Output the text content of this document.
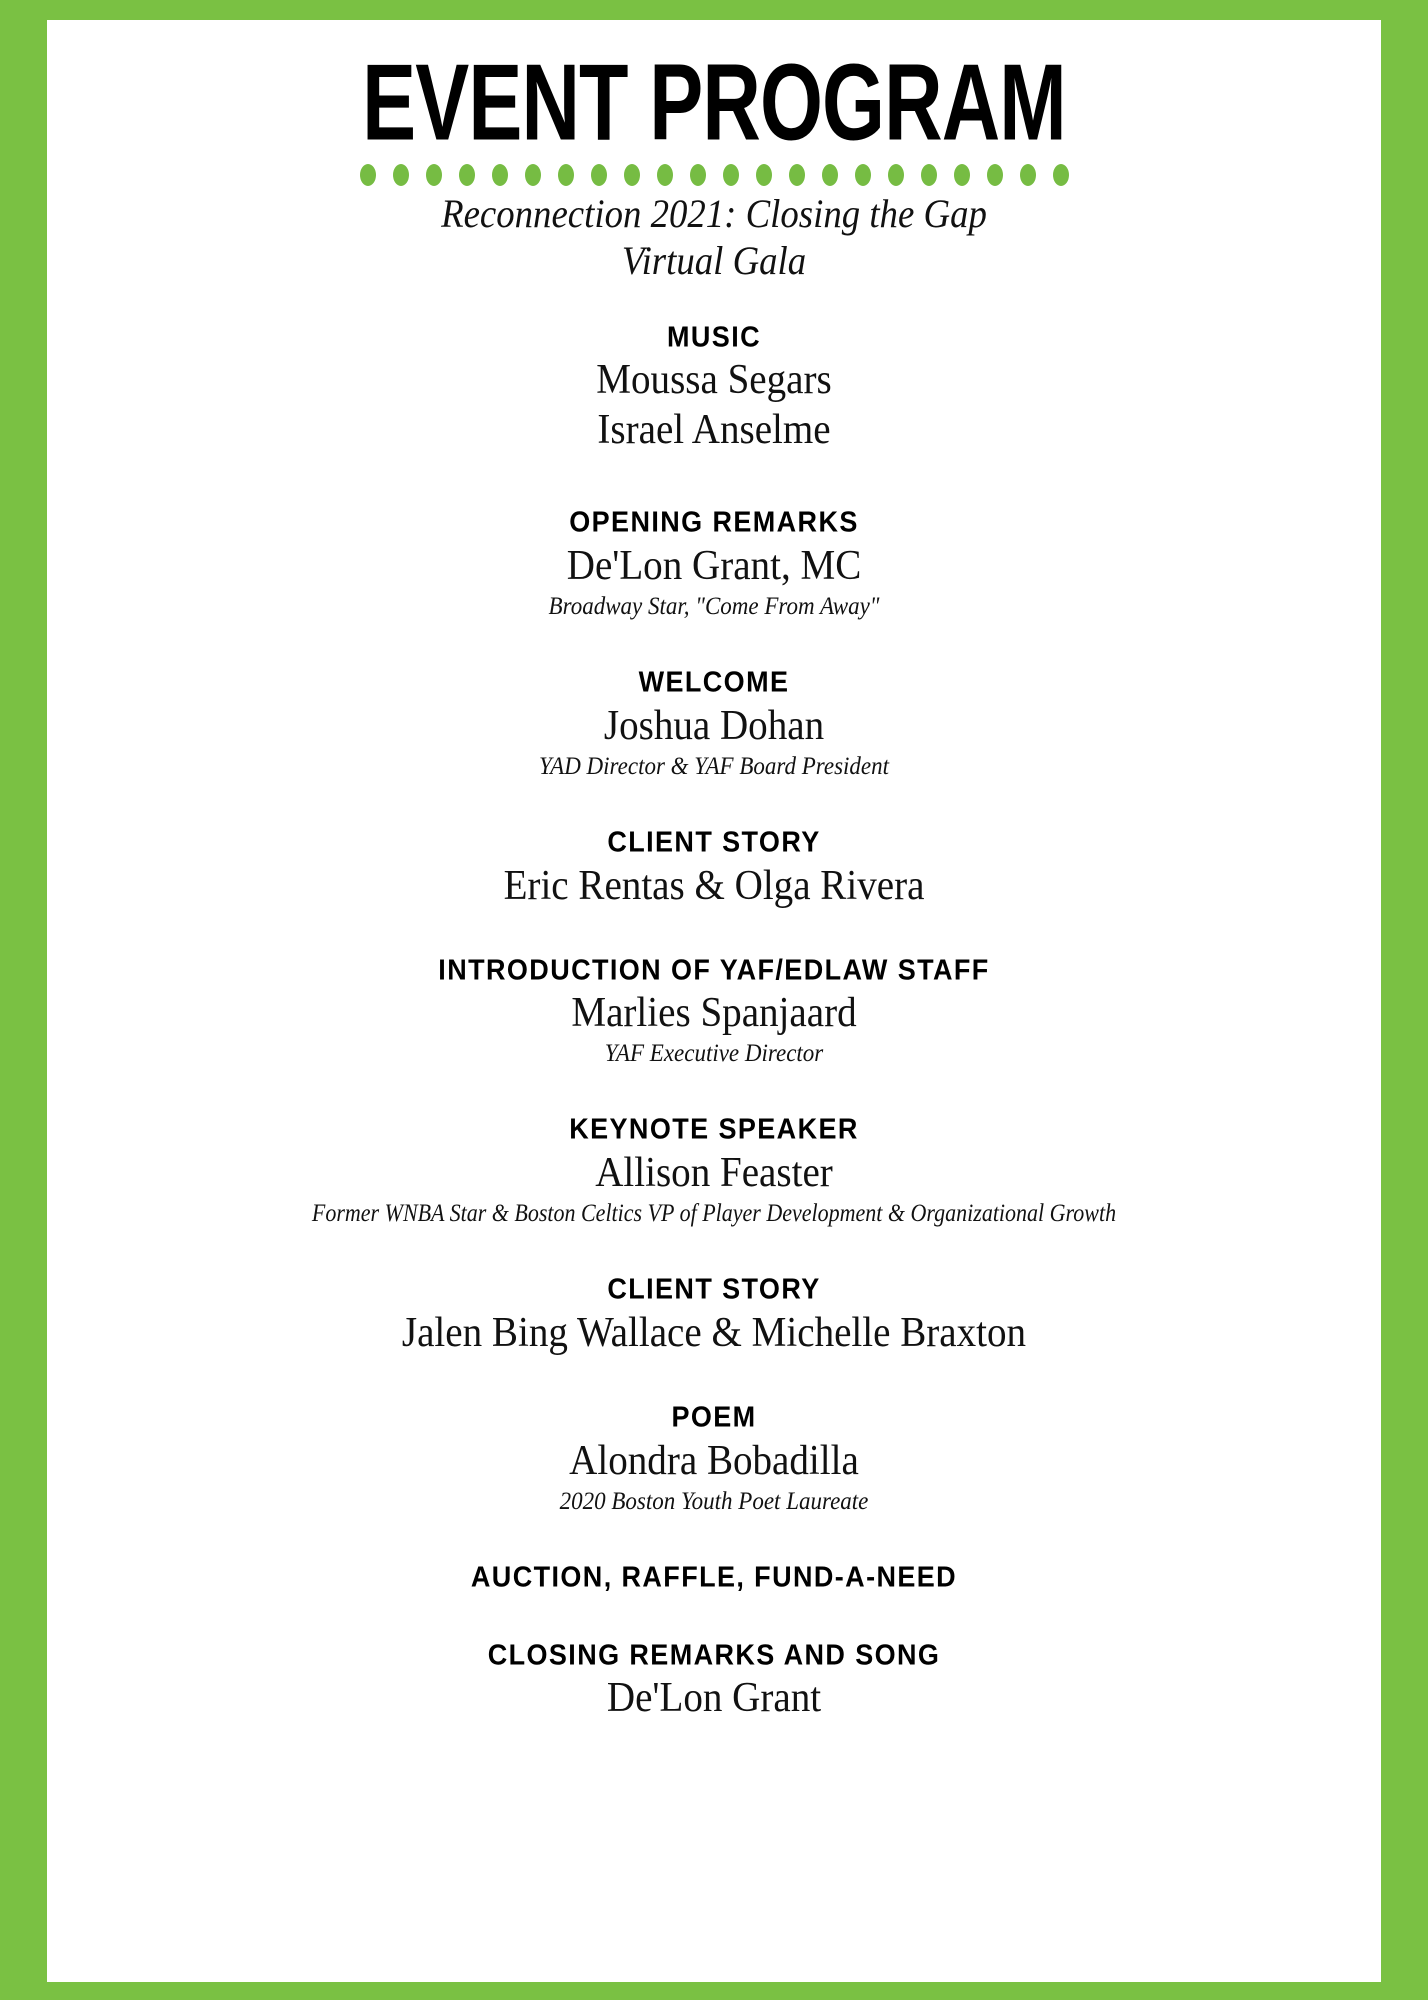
EVENT PROGRAM
Reconnection 2021: Closing the Gap
Virtual Gala
MUSIC
Moussa Segars
Israel Anselme
OPENING REMARKS
De'Lon Grant, MC
Broadway Star, "Come From Away"
WELCOME
Joshua Dohan
YAD Director & YAF Board President
CLIENT STORY
Eric Rentas & Olga Rivera
INTRODUCTION OF YAF/EDLAW STAFF
Marlies Spanjaard
YAF Executive Director
KEYNOTE SPEAKER
Allison Feaster
Former WNBA Star & Boston Celtics VP of Player Development & Organizational Growth
CLIENT STORY
Jalen Bing Wallace & Michelle Braxton
POEM
Alondra Bobadilla
2020 Boston Youth Poet Laureate
AUCTION, RAFFLE, FUND-A-NEED
CLOSING REMARKS AND SONG
De'Lon Grant
